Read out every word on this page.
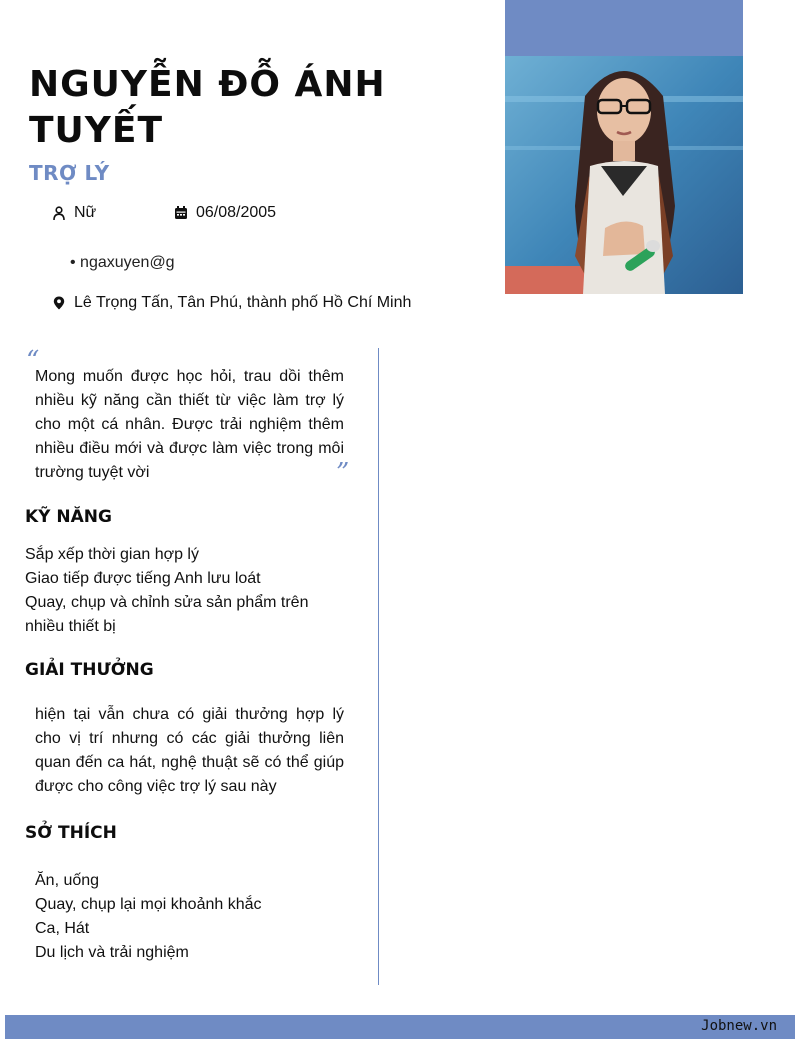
NGUYỄN ĐỖ ÁNH TUYẾT
TRỢ LÝ
Nữ	06/08/2005
• ngaxuyen@g
Lê Trọng Tấn, Tân Phú, thành phố Hồ Chí Minh
“

Mong muốn được học hỏi, trau dồi thêm nhiều kỹ năng cần thiết từ việc làm trợ lý cho một cá nhân. Được trải nghiệm thêm nhiều điều mới và được làm việc trong môi trường tuyệt vời	”
KỸ NĂNG
Sắp xếp thời gian hợp lý
Giao tiếp được tiếng Anh lưu loát
Quay, chụp và chỉnh sửa sản phẩm trên
nhiều thiết bị
GIẢI THƯỞNG

hiện tại vẫn chưa có giải thưởng hợp lý cho vị trí nhưng có các giải thưởng liên quan đến ca hát, nghệ thuật sẽ có thể giúp được cho công việc trợ lý sau này

SỞ THÍCH
Ăn, uống
Quay, chụp lại mọi khoảnh khắc
Ca, Hát
Du lịch và trải nghiệm
Jobnew.vn
